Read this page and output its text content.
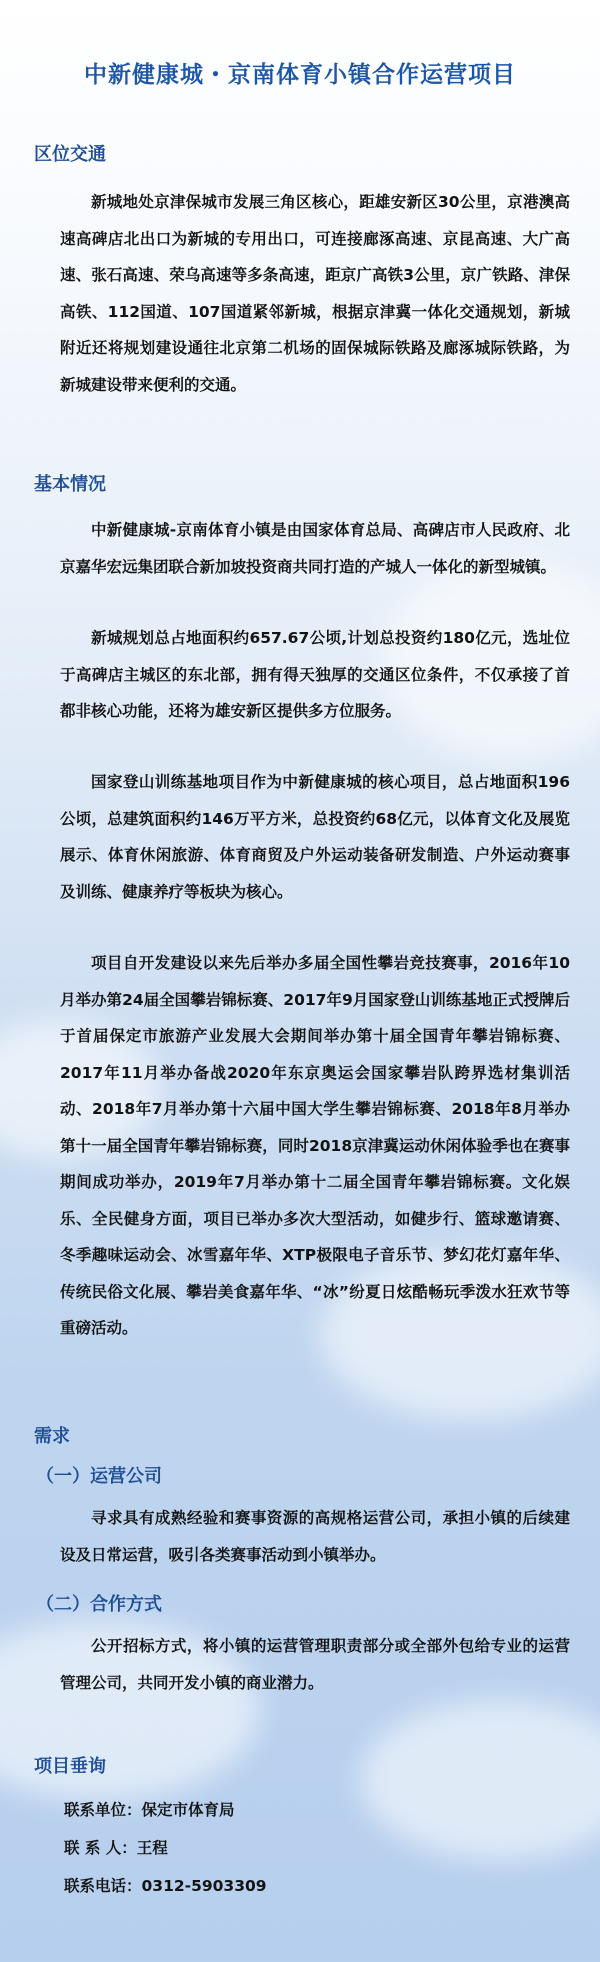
中新健康城・京南体育小镇合作运营项目
区位交通

新城地处京津保城市发展三角区核心，距雄安新区30公里，京港澳高速高碑店北出口为新城的专用出口，可连接廊涿高速、京昆高速、大广高速、张石高速、荣乌高速等多条高速，距京广高铁3公里，京广铁路、津保高铁、112国道、107国道紧邻新城，根据京津冀一体化交通规划，新城附近还将规划建设通往北京第二机场的固保城际铁路及廊涿城际铁路，为新城建设带来便利的交通。

基本情况

中新健康城-京南体育小镇是由国家体育总局、高碑店市人民政府、北京嘉华宏远集团联合新加坡投资商共同打造的产城人一体化的新型城镇。

新城规划总占地面积约657.67公顷,计划总投资约180亿元，选址位于高碑店主城区的东北部，拥有得天独厚的交通区位条件，不仅承接了首都非核心功能，还将为雄安新区提供多方位服务。

国家登山训练基地项目作为中新健康城的核心项目，总占地面积196公顷，总建筑面积约146万平方米，总投资约68亿元，以体育文化及展览展示、体育休闲旅游、体育商贸及户外运动装备研发制造、户外运动赛事及训练、健康养疗等板块为核心。

项目自开发建设以来先后举办多届全国性攀岩竞技赛事，2016年10月举办第24届全国攀岩锦标赛、2017年9月国家登山训练基地正式授牌后于首届保定市旅游产业发展大会期间举办第十届全国青年攀岩锦标赛、2017年11月举办备战2020年东京奥运会国家攀岩队跨界选材集训活动、2018年7月举办第十六届中国大学生攀岩锦标赛、2018年8月举办第十一届全国青年攀岩锦标赛，同时2018京津冀运动休闲体验季也在赛事期间成功举办，2019年7月举办第十二届全国青年攀岩锦标赛。文化娱乐、全民健身方面，项目已举办多次大型活动，如健步行、篮球邀请赛、冬季趣味运动会、冰雪嘉年华、XTP极限电子音乐节、梦幻花灯嘉年华、传统民俗文化展、攀岩美食嘉年华、“冰”纷夏日炫酷畅玩季泼水狂欢节等重磅活动。

需求
（一）运营公司

寻求具有成熟经验和赛事资源的高规格运营公司，承担小镇的后续建设及日常运营，吸引各类赛事活动到小镇举办。

（二）合作方式

公开招标方式，将小镇的运营管理职责部分或全部外包给专业的运营管理公司，共同开发小镇的商业潜力。

项目垂询
联系单位：保定市体育局
联 系 人：王程
联系电话：0312-5903309
